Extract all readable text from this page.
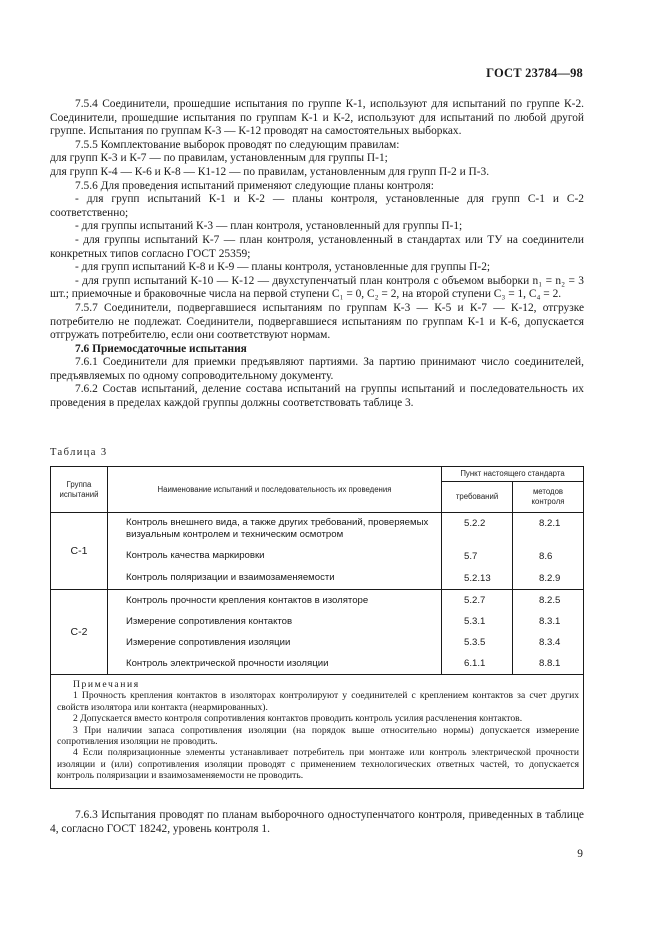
ГОСТ 23784—98

7.5.4 Соединители, прошедшие испытания по группе К-1, используют для испытаний по группе К-2. Соединители, прошедшие испытания по группам К-1 и К-2, используют для испытаний по любой другой группе. Испытания по группам К-3 — К-12 проводят на самостоятельных выборках.

7.5.5 Комплектование выборок проводят по следующим правилам:

для групп К-3 и К-7 — по правилам, установленным для группы П-1;

для групп К-4 — К-6 и К-8 — К1-12 — по правилам, установленным для групп П-2 и П-3.

7.5.6 Для проведения испытаний применяют следующие планы контроля:

- для групп испытаний К-1 и К-2 — планы контроля, установленные для групп С-1 и С-2 соответственно;

- для группы испытаний К-3 — план контроля, установленный для группы П-1;

- для группы испытаний К-7 — план контроля, установленный в стандартах или ТУ на соединители конкретных типов согласно ГОСТ 25359;

- для групп испытаний К-8 и К-9 — планы контроля, установленные для группы П-2;

- для групп испытаний К-10 — К-12 — двухступенчатый план контроля с объемом выборки n₁ = n₂ = 3 шт.; приемочные и браковочные числа на первой ступени C₁ = 0, C₂ = 2, на второй ступени C₃ = 1, C₄ = 2.

7.5.7 Соединители, подвергавшиеся испытаниям по группам К-3 — К-5 и К-7 — К-12, отгрузке потребителю не подлежат. Соединители, подвергавшиеся испытаниям по группам К-1 и К-6, допускается отгружать потребителю, если они соответствуют нормам.

7.6 Приемосдаточные испытания

7.6.1 Соединители для приемки предъявляют партиями. За партию принимают число соединителей, предъявляемых по одному сопроводительному документу.

7.6.2 Состав испытаний, деление состава испытаний на группы испытаний и последовательность их проведения в пределах каждой группы должны соответствовать таблице 3.

Таблица 3
Группа испытаний	Наименование испытаний и последовательность их проведения	Пункт настоящего стандарта	
		требований	методов контроля
С-1	Контроль внешнего вида, а также других требований, проверяемых визуальным контролем и техническим осмотром	5.2.2	8.2.1
	Контроль качества маркировки	5.7	8.6
	Контроль поляризации и взаимозаменяемости	5.2.13	8.2.9
С-2	Контроль прочности крепления контактов в изоляторе	5.2.7	8.2.5
	Измерение сопротивления контактов	5.3.1	8.3.1
	Измерение сопротивления изоляции	5.3.5	8.3.4
	Контроль электрической прочности изоляции	6.1.1	8.8.1

Примечания

1 Прочность крепления контактов в изоляторах контролируют у соединителей с креплением контактов за счет других свойств изолятора или контакта (неармированных).

2 Допускается вместо контроля сопротивления контактов проводить контроль усилия расчленения контактов.

3 При наличии запаса сопротивления изоляции (на порядок выше относительно нормы) допускается измерение сопротивления изоляции не проводить.

4 Если поляризационные элементы устанавливает потребитель при монтаже или контроль электрической прочности изоляции и (или) сопротивления изоляции проводят с применением технологических ответных частей, то допускается контроль поляризации и взаимозаменяемости не проводить.			

7.6.3 Испытания проводят по планам выборочного одноступенчатого контроля, приведенных в таблице 4, согласно ГОСТ 18242, уровень контроля 1.

9
